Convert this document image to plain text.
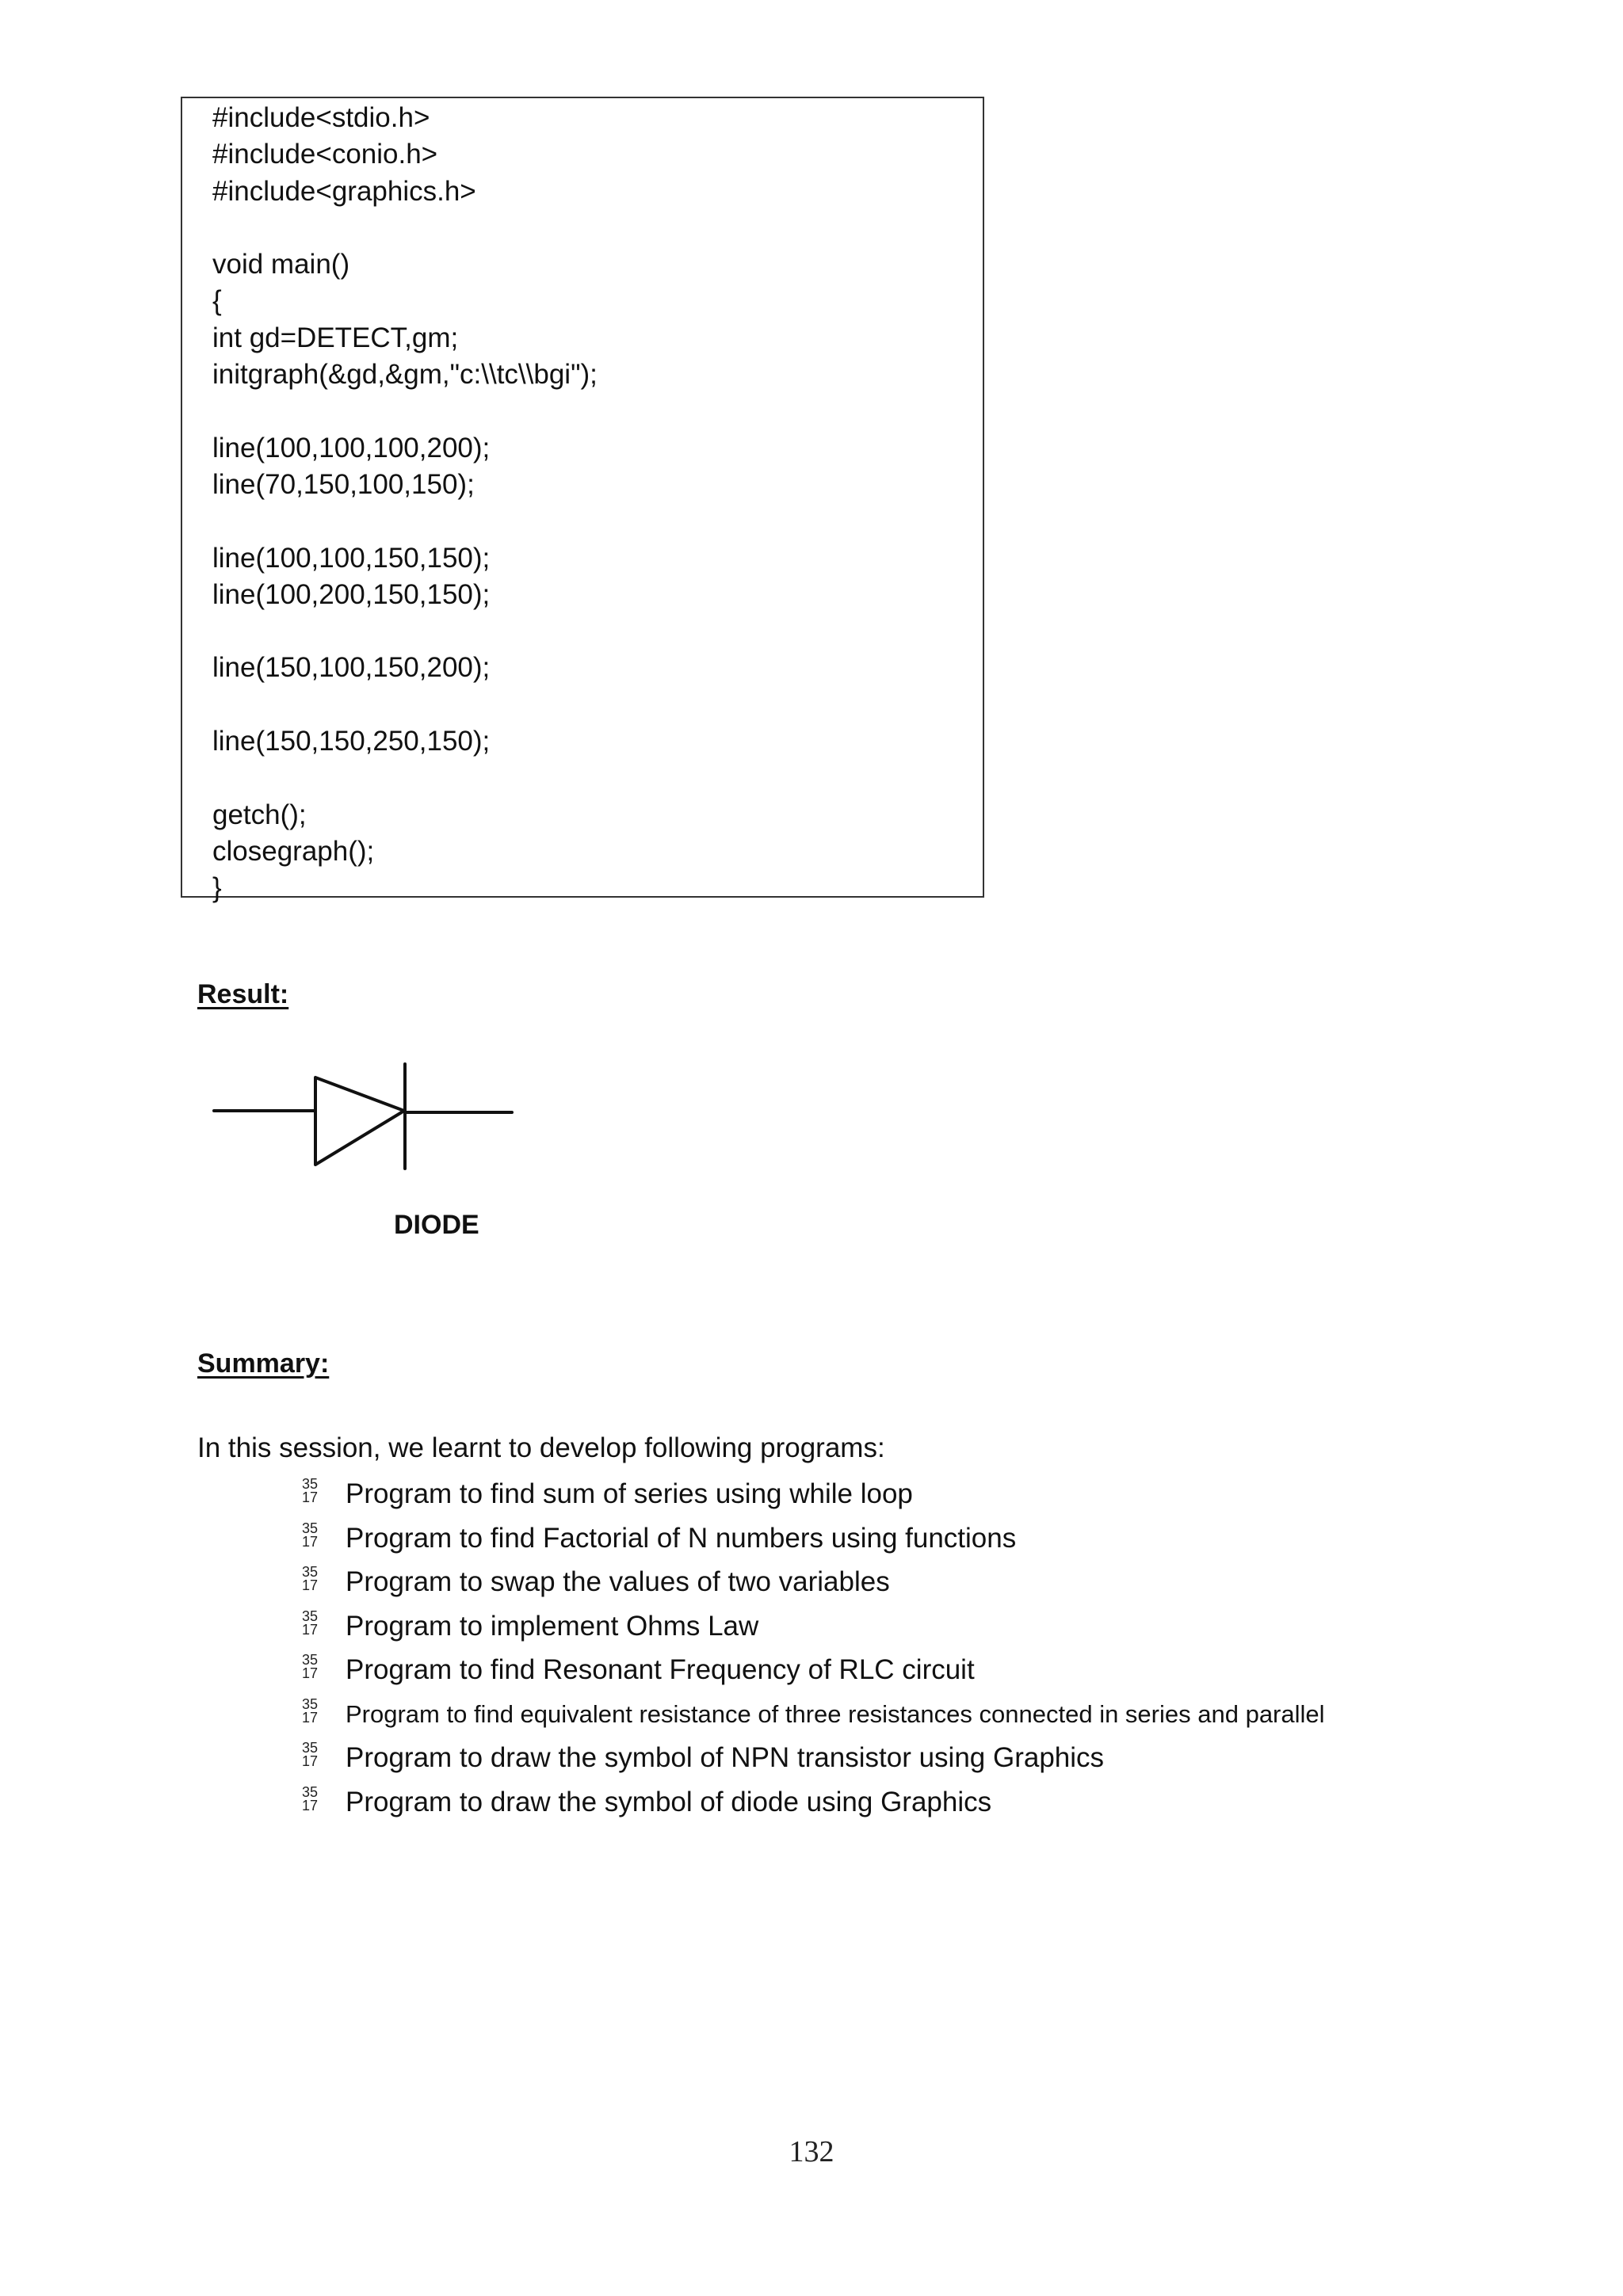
#include<stdio.h>
#include<conio.h>
#include<graphics.h>
void main()
{
int gd=DETECT,gm;
initgraph(&gd,&gm,"c:\\tc\\bgi");
line(100,100,100,200);
line(70,150,100,150);
line(100,100,150,150);
line(100,200,150,150);
line(150,100,150,200);
line(150,150,250,150);
getch();
closegraph();
}
Result:
DIODE
Summary:
In this session, we learnt to develop following programs:
35
17 Program to find sum of series using while loop
35
17 Program to find Factorial of N numbers using functions
35
17 Program to swap the values of two variables
35
17 Program to implement Ohms Law
35
17 Program to find Resonant Frequency of RLC circuit
35
17 Program to find equivalent resistance of three resistances connected in series and parallel
35
17 Program to draw the symbol of NPN transistor using Graphics
35
17 Program to draw the symbol of diode using Graphics
132
